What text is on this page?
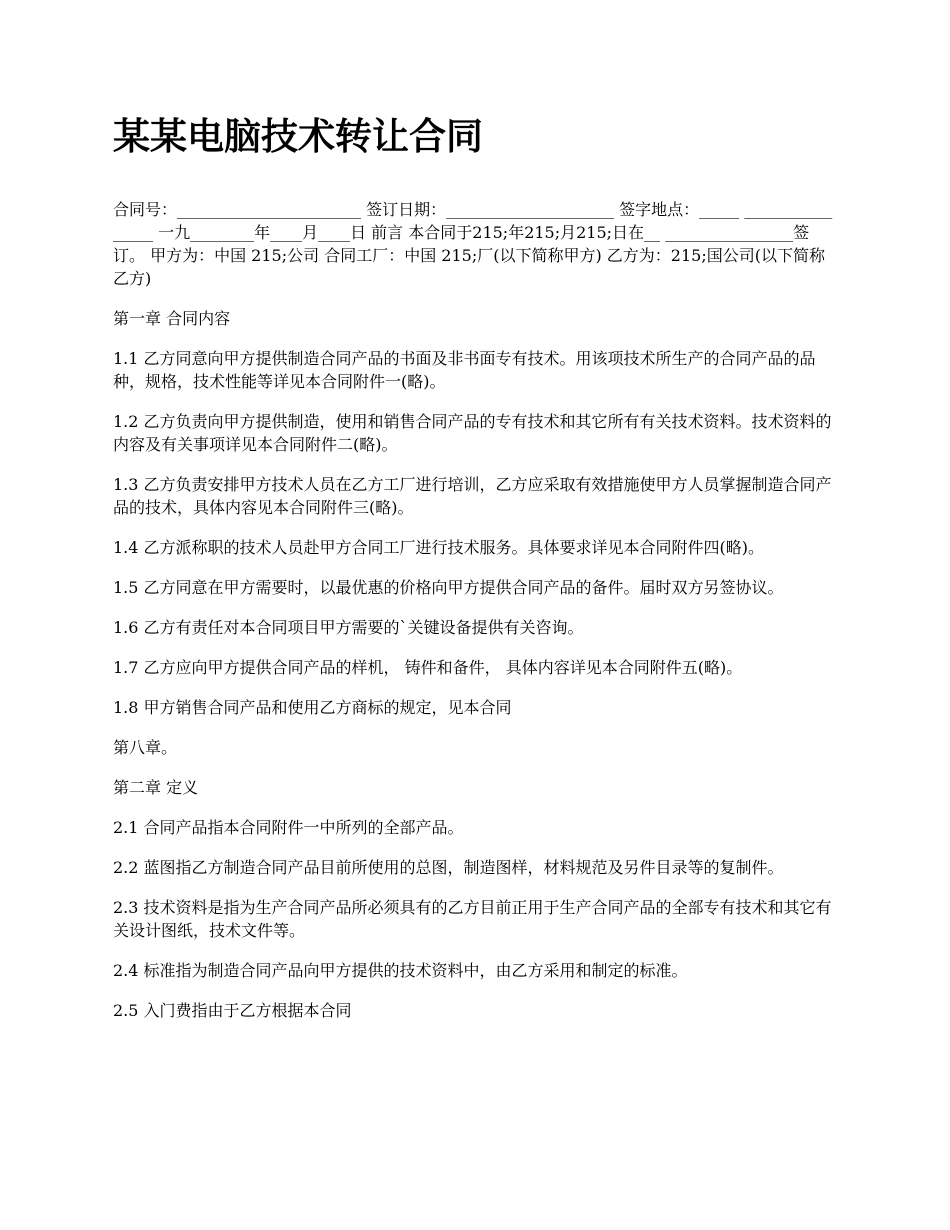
某某电脑技术转让合同

合同号：_______________________ 签订日期：_____________________ 签字地点：_____ ________________ 一九________年____月____日 前言 本合同于215;年215;月215;日在__ ________________签订。 甲方为：中国 215;公司 合同工厂：中国 215;厂(以下简称甲方) 乙方为：215;国公司(以下简称乙方)

第一章 合同内容

1.1 乙方同意向甲方提供制造合同产品的书面及非书面专有技术。用该项技术所生产的合同产品的品种，规格，技术性能等详见本合同附件一(略)。

1.2 乙方负责向甲方提供制造，使用和销售合同产品的专有技术和其它所有有关技术资料。技术资料的内容及有关事项详见本合同附件二(略)。

1.3 乙方负责安排甲方技术人员在乙方工厂进行培训，乙方应采取有效措施使甲方人员掌握制造合同产品的技术，具体内容见本合同附件三(略)。

1.4 乙方派称职的技术人员赴甲方合同工厂进行技术服务。具体要求详见本合同附件四(略)。

1.5 乙方同意在甲方需要时，以最优惠的价格向甲方提供合同产品的备件。届时双方另签协议。

1.6 乙方有责任对本合同项目甲方需要的`关键设备提供有关咨询。

1.7 乙方应向甲方提供合同产品的样机， 铸件和备件， 具体内容详见本合同附件五(略)。

1.8 甲方销售合同产品和使用乙方商标的规定，见本合同

第八章。

第二章 定义

2.1 合同产品指本合同附件一中所列的全部产品。

2.2 蓝图指乙方制造合同产品目前所使用的总图，制造图样，材料规范及另件目录等的复制件。

2.3 技术资料是指为生产合同产品所必须具有的乙方目前正用于生产合同产品的全部专有技术和其它有关设计图纸，技术文件等。

2.4 标准指为制造合同产品向甲方提供的技术资料中，由乙方采用和制定的标准。

2.5 入门费指由于乙方根据本合同
